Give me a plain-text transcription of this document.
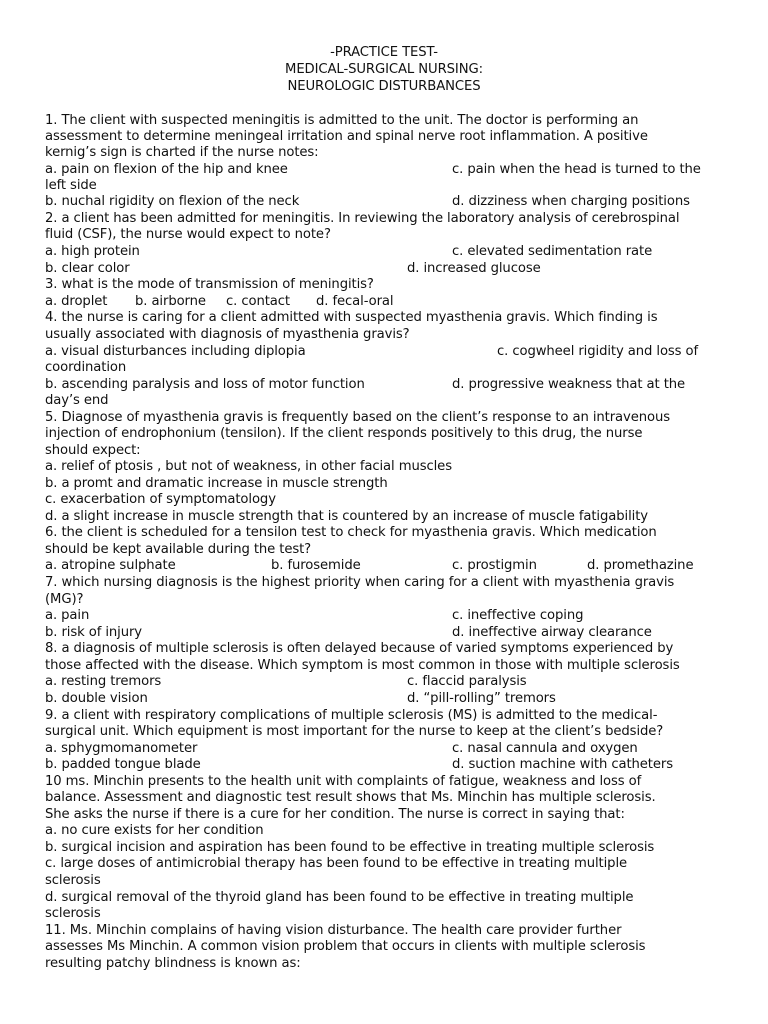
-PRACTICE TEST-
MEDICAL-SURGICAL NURSING:
NEUROLOGIC DISTURBANCES
1. The client with suspected meningitis is admitted to the unit. The doctor is performing an
assessment to determine meningeal irritation and spinal nerve root inflammation. A positive
kernig’s sign is charted if the nurse notes:
a. pain on flexion of the hip and knee	c. pain when the head is turned to the
left side
b. nuchal rigidity on flexion of the neck	d. dizziness when charging positions
2. a client has been admitted for meningitis. In reviewing the laboratory analysis of cerebrospinal
fluid (CSF), the nurse would expect to note?
a. high protein	c. elevated sedimentation rate
b. clear color	d. increased glucose
3. what is the mode of transmission of meningitis?
a. droplet b. airborne c. contact d. fecal-oral
4. the nurse is caring for a client admitted with suspected myasthenia gravis. Which finding is
usually associated with diagnosis of myasthenia gravis?
a. visual disturbances including diplopia	c. cogwheel rigidity and loss of
coordination
b. ascending paralysis and loss of motor function	d. progressive weakness that at the
day’s end
5. Diagnose of myasthenia gravis is frequently based on the client’s response to an intravenous
injection of endrophonium (tensilon). If the client responds positively to this drug, the nurse
should expect:
a. relief of ptosis , but not of weakness, in other facial muscles
b. a promt and dramatic increase in muscle strength
c. exacerbation of symptomatology
d. a slight increase in muscle strength that is countered by an increase of muscle fatigability
6. the client is scheduled for a tensilon test to check for myasthenia gravis. Which medication
should be kept available during the test?
a. atropine sulphate	b. furosemide	c. prostigmin	d. promethazine
7. which nursing diagnosis is the highest priority when caring for a client with myasthenia gravis
(MG)?
a. pain	c. ineffective coping
b. risk of injury	d. ineffective airway clearance
8. a diagnosis of multiple sclerosis is often delayed because of varied symptoms experienced by
those affected with the disease. Which symptom is most common in those with multiple sclerosis
a. resting tremors	c. flaccid paralysis
b. double vision	d. “pill-rolling” tremors
9. a client with respiratory complications of multiple sclerosis (MS) is admitted to the medical-
surgical unit. Which equipment is most important for the nurse to keep at the client’s bedside?
a. sphygmomanometer	c. nasal cannula and oxygen
b. padded tongue blade	d. suction machine with catheters
10 ms. Minchin presents to the health unit with complaints of fatigue, weakness and loss of
balance. Assessment and diagnostic test result shows that Ms. Minchin has multiple sclerosis.
She asks the nurse if there is a cure for her condition. The nurse is correct in saying that:
a. no cure exists for her condition
b. surgical incision and aspiration has been found to be effective in treating multiple sclerosis
c. large doses of antimicrobial therapy has been found to be effective in treating multiple
sclerosis
d. surgical removal of the thyroid gland has been found to be effective in treating multiple
sclerosis
11. Ms. Minchin complains of having vision disturbance. The health care provider further
assesses Ms Minchin. A common vision problem that occurs in clients with multiple sclerosis
resulting patchy blindness is known as:
